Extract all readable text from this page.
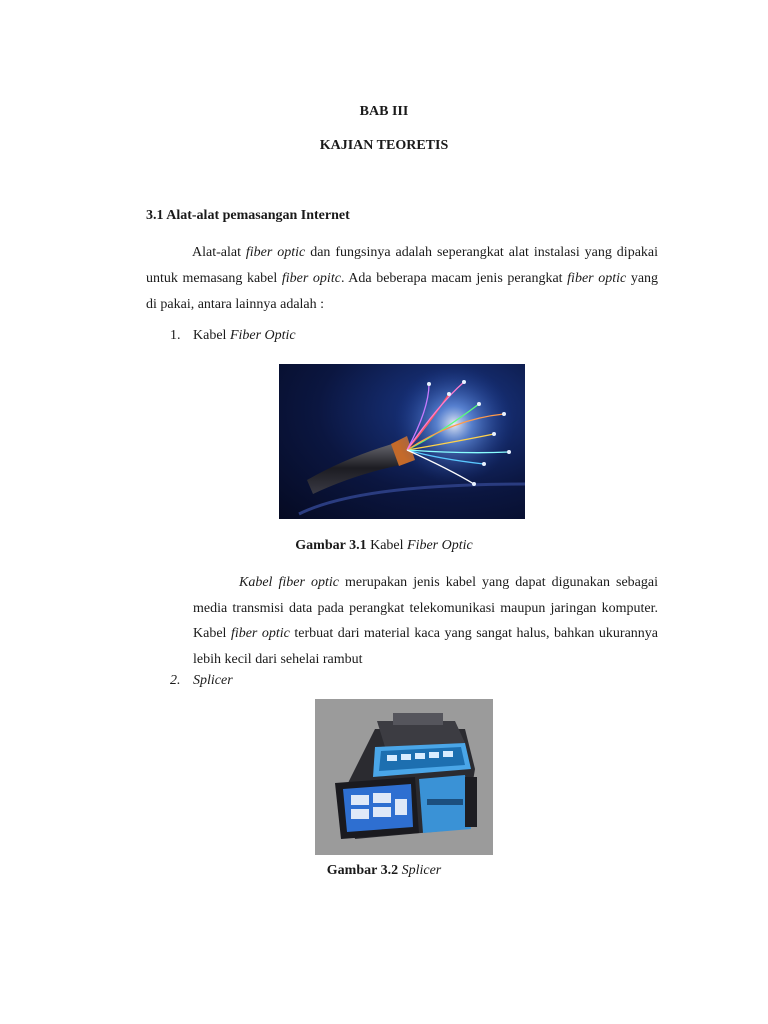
BAB III
KAJIAN TEORETIS
3.1 Alat-alat pemasangan Internet
Alat-alat fiber optic dan fungsinya adalah seperangkat alat instalasi yang dipakai untuk memasang kabel fiber opitc. Ada beberapa macam jenis perangkat fiber optic yang di pakai, antara lainnya adalah :
1. Kabel Fiber Optic
Gambar 3.1 Kabel Fiber Optic
Kabel fiber optic merupakan jenis kabel yang dapat digunakan sebagai media transmisi data pada perangkat telekomunikasi maupun jaringan komputer. Kabel fiber optic terbuat dari material kaca yang sangat halus, bahkan ukurannya lebih kecil dari sehelai rambut
2. Splicer
Gambar 3.2 Splicer
